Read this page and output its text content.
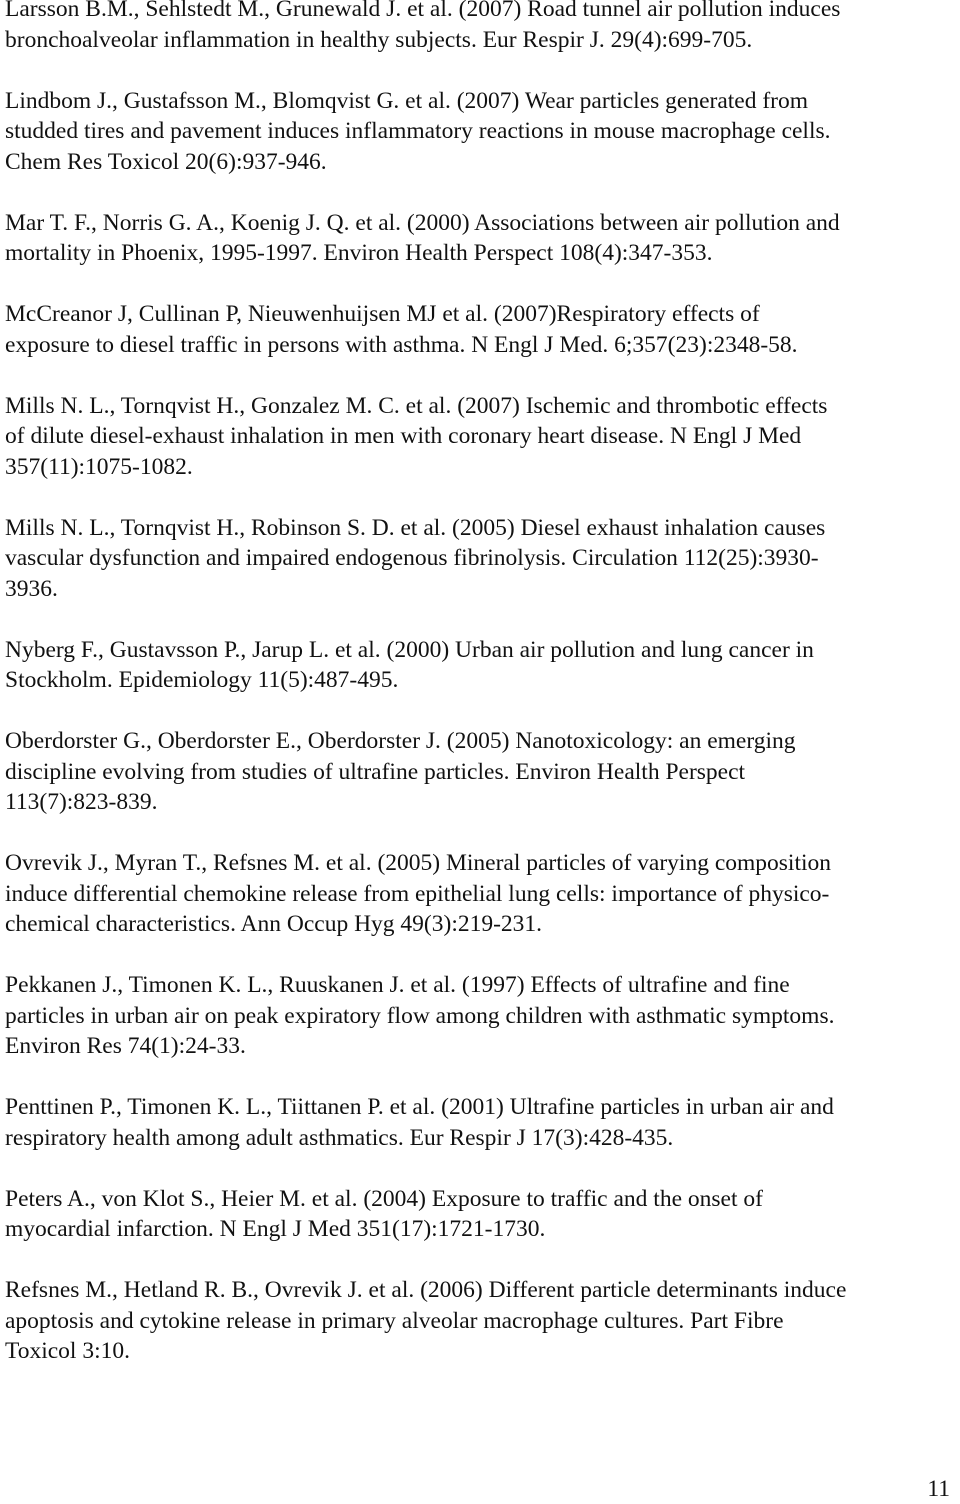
Larsson B.M., Sehlstedt M., Grunewald J. et al. (2007) Road tunnel air pollution induces
bronchoalveolar inflammation in healthy subjects. Eur Respir J. 29(4):699-705.

Lindbom J., Gustafsson M., Blomqvist G. et al. (2007) Wear particles generated from
studded tires and pavement induces inflammatory reactions in mouse macrophage cells.
Chem Res Toxicol 20(6):937-946.

Mar T. F., Norris G. A., Koenig J. Q. et al. (2000) Associations between air pollution and
mortality in Phoenix, 1995-1997. Environ Health Perspect 108(4):347-353.

McCreanor J, Cullinan P, Nieuwenhuijsen MJ et al. (2007)Respiratory effects of
exposure to diesel traffic in persons with asthma. N Engl J Med. 6;357(23):2348-58.

Mills N. L., Tornqvist H., Gonzalez M. C. et al. (2007) Ischemic and thrombotic effects
of dilute diesel-exhaust inhalation in men with coronary heart disease. N Engl J Med
357(11):1075-1082.

Mills N. L., Tornqvist H., Robinson S. D. et al. (2005) Diesel exhaust inhalation causes
vascular dysfunction and impaired endogenous fibrinolysis. Circulation 112(25):3930-
3936.

Nyberg F., Gustavsson P., Jarup L. et al. (2000) Urban air pollution and lung cancer in
Stockholm. Epidemiology 11(5):487-495.

Oberdorster G., Oberdorster E., Oberdorster J. (2005) Nanotoxicology: an emerging
discipline evolving from studies of ultrafine particles. Environ Health Perspect
113(7):823-839.

Ovrevik J., Myran T., Refsnes M. et al. (2005) Mineral particles of varying composition
induce differential chemokine release from epithelial lung cells: importance of physico-
chemical characteristics. Ann Occup Hyg 49(3):219-231.

Pekkanen J., Timonen K. L., Ruuskanen J. et al. (1997) Effects of ultrafine and fine
particles in urban air on peak expiratory flow among children with asthmatic symptoms.
Environ Res 74(1):24-33.

Penttinen P., Timonen K. L., Tiittanen P. et al. (2001) Ultrafine particles in urban air and
respiratory health among adult asthmatics. Eur Respir J 17(3):428-435.

Peters A., von Klot S., Heier M. et al. (2004) Exposure to traffic and the onset of
myocardial infarction. N Engl J Med 351(17):1721-1730.

Refsnes M., Hetland R. B., Ovrevik J. et al. (2006) Different particle determinants induce
apoptosis and cytokine release in primary alveolar macrophage cultures. Part Fibre
Toxicol 3:10.

11
